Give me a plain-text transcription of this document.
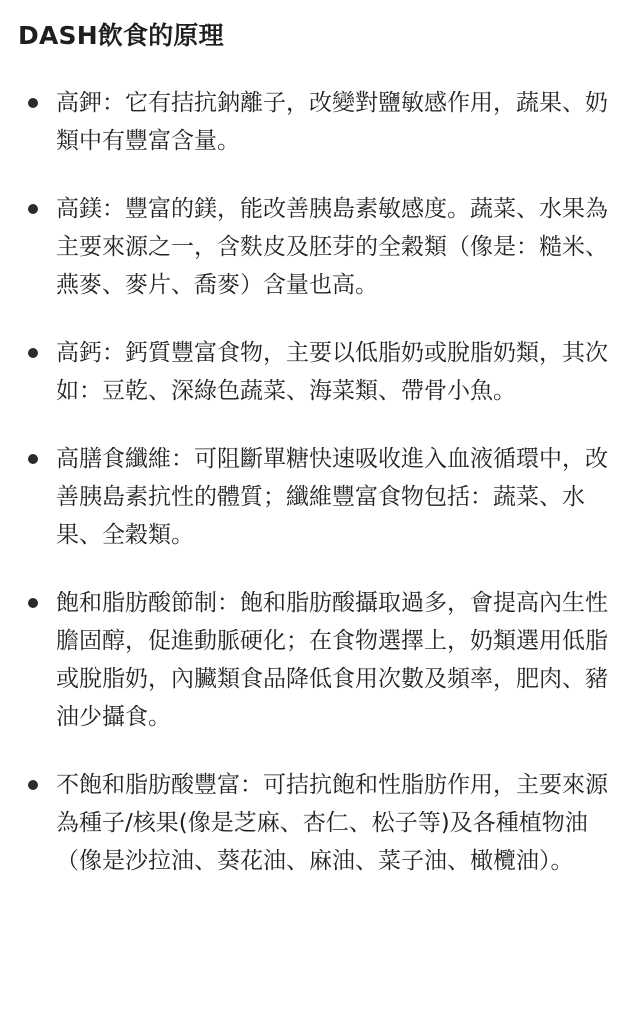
DASH飲食的原理
高鉀：它有拮抗鈉離子，改變對鹽敏感作用，蔬果、奶類中有豐富含量。
高鎂：豐富的鎂，能改善胰島素敏感度。蔬菜、水果為主要來源之一，含麩皮及胚芽的全穀類（像是：糙米、燕麥、麥片、喬麥）含量也高。
高鈣：鈣質豐富食物，主要以低脂奶或脫脂奶類，其次如：豆乾、深綠色蔬菜、海菜類、帶骨小魚。
高膳食纖維：可阻斷單糖快速吸收進入血液循環中，改善胰島素抗性的體質；纖維豐富食物包括：蔬菜、水果、全穀類。
飽和脂肪酸節制：飽和脂肪酸攝取過多，會提高內生性膽固醇，促進動脈硬化；在食物選擇上，奶類選用低脂或脫脂奶，內臟類食品降低食用次數及頻率，肥肉、豬油少攝食。
不飽和脂肪酸豐富：可拮抗飽和性脂肪作用，主要來源為種子/核果(像是芝麻、杏仁、松子等)及各種植物油（像是沙拉油、葵花油、麻油、菜子油、橄欖油）。
